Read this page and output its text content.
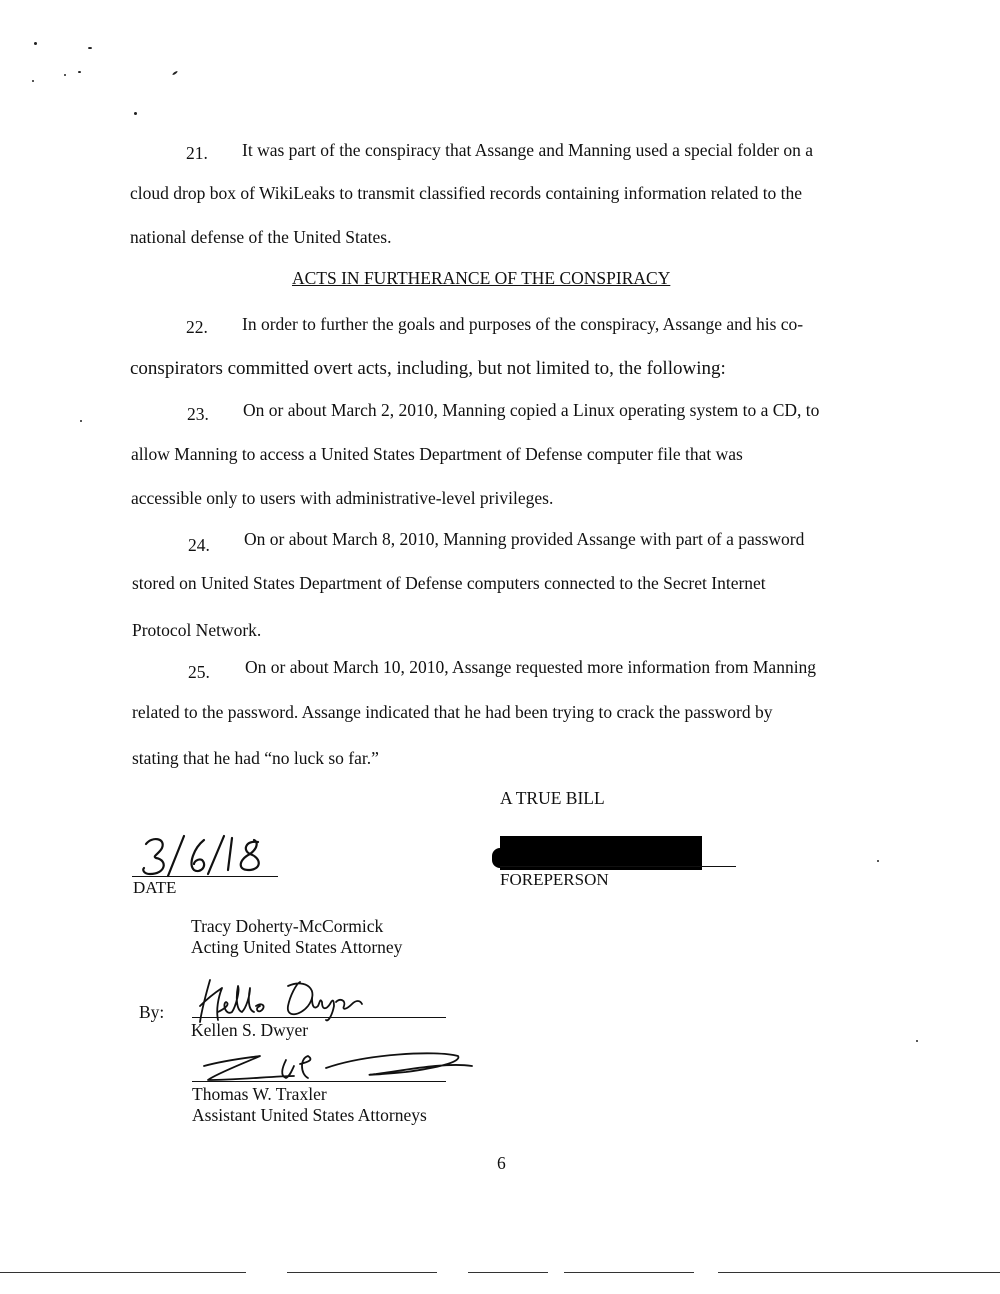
21. It was part of the conspiracy that Assange and Manning used a special folder on a
cloud drop box of WikiLeaks to transmit classified records containing information related to the
national defense of the United States.
ACTS IN FURTHERANCE OF THE CONSPIRACY
22. In order to further the goals and purposes of the conspiracy, Assange and his co-
conspirators committed overt acts, including, but not limited to, the following:
23. On or about March 2, 2010, Manning copied a Linux operating system to a CD, to
allow Manning to access a United States Department of Defense computer file that was
accessible only to users with administrative-level privileges.
24. On or about March 8, 2010, Manning provided Assange with part of a password
stored on United States Department of Defense computers connected to the Secret Internet
Protocol Network.
25. On or about March 10, 2010, Assange requested more information from Manning
related to the password. Assange indicated that he had been trying to crack the password by
stating that he had “no luck so far.”
A TRUE BILL
DATE	FOREPERSON
Tracy Doherty-McCormick
Acting United States Attorney
By:
Kellen S. Dwyer
Thomas W. Traxler
Assistant United States Attorneys
6
